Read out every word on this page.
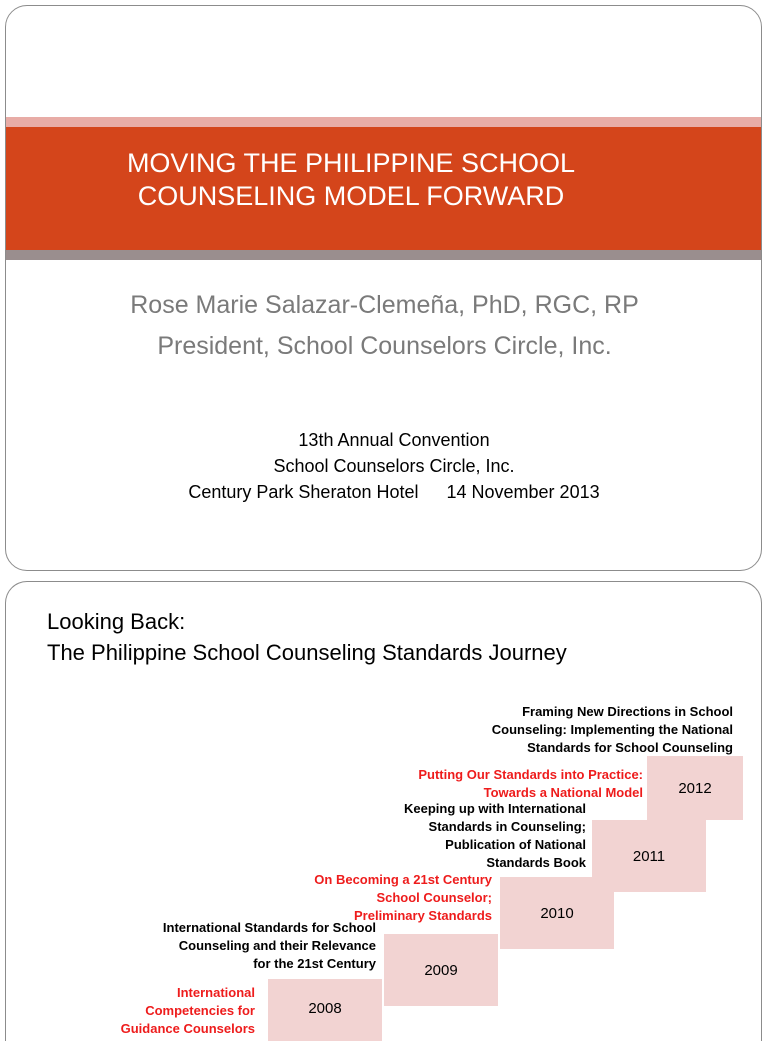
MOVING THE PHILIPPINE SCHOOL
COUNSELING MODEL FORWARD
Rose Marie Salazar-Clemeña, PhD, RGC, RP
President, School Counselors Circle, Inc.
13th Annual Convention
School Counselors Circle, Inc.
Century Park Sheraton Hotel 14 November 2013
Looking Back:
The Philippine School Counseling Standards Journey
2008
2009
2010
2011
2012
Framing New Directions in School
Counseling: Implementing the National
Standards for School Counseling
Putting Our Standards into Practice:
Towards a National Model
Keeping up with International
Standards in Counseling;
Publication of National
Standards Book
On Becoming a 21st Century
School Counselor;
Preliminary Standards
International Standards for School
Counseling and their Relevance
for the 21st Century
International
Competencies for
Guidance Counselors
